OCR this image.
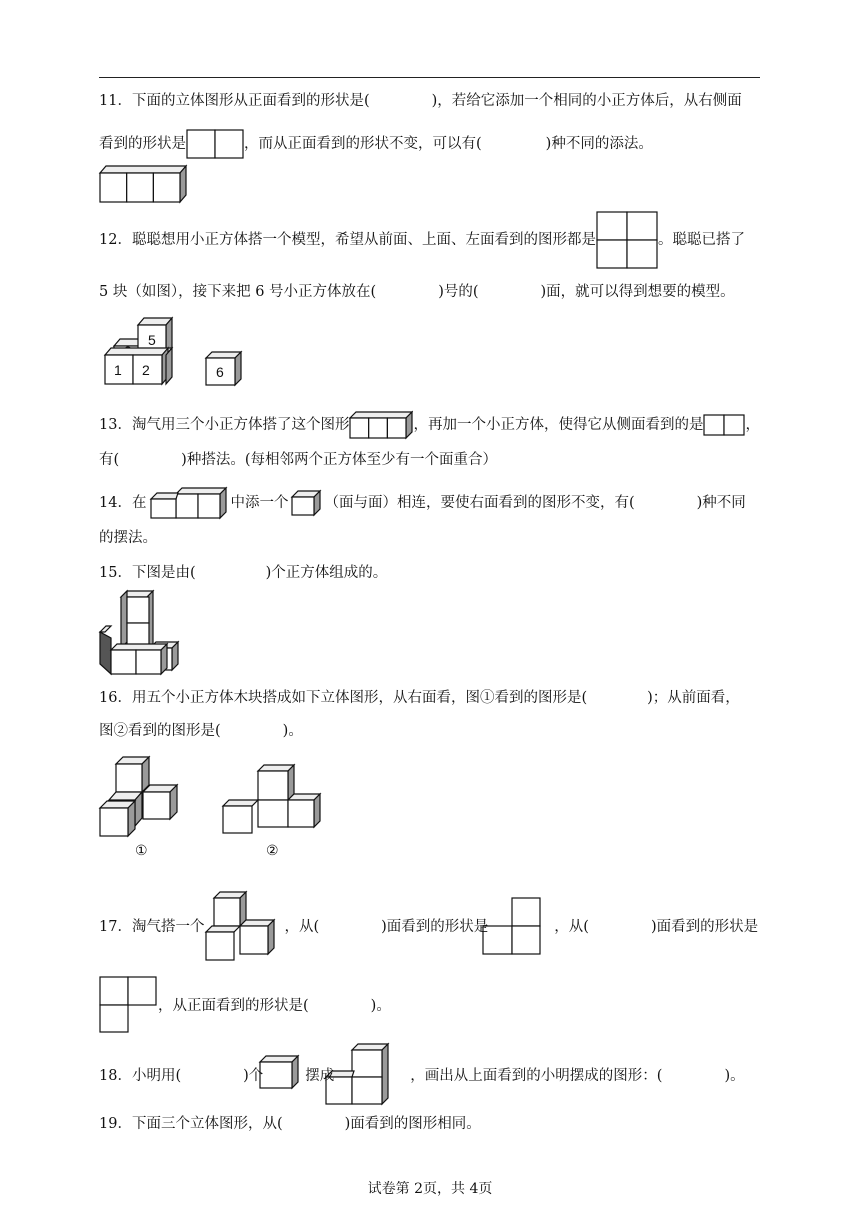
11．下面的立体图形从正面看到的形状是(	)，若给它添加一个相同的小正方体后，从右侧面
看到的形状是	，而从正面看到的形状不变，可以有(	)种不同的添法。
12．聪聪想用小正方体搭一个模型，希望从前面、上面、左面看到的图形都是	。聪聪已搭了
5 块（如图），接下来把 6 号小正方体放在(	)号的(	)面，就可以得到想要的模型。
5
1 2	6
13．淘气用三个小正方体搭了这个图形	，再加一个小正方体，使得它从侧面看到的是	，
有(	)种搭法。(每相邻两个正方体至少有一个面重合）
14．在	中添一个 （面与面）相连，要使右面看到的图形不变，有(	)种不同
的摆法。
15．下图是由(	)个正方体组成的。
16．用五个小正方体木块搭成如下立体图形，从右面看，图①看到的图形是(	)；从前面看，
图②看到的图形是(	)。
①	②
17．淘气搭一个	，从(	)面看到的形状是	，从(	)面看到的形状是
，从正面看到的形状是(	)。
18．小明用(	)个	摆成	，画出从上面看到的小明摆成的图形：(	)。
19．下面三个立体图形，从(	)面看到的图形相同。
试卷第 2页，共 4页
